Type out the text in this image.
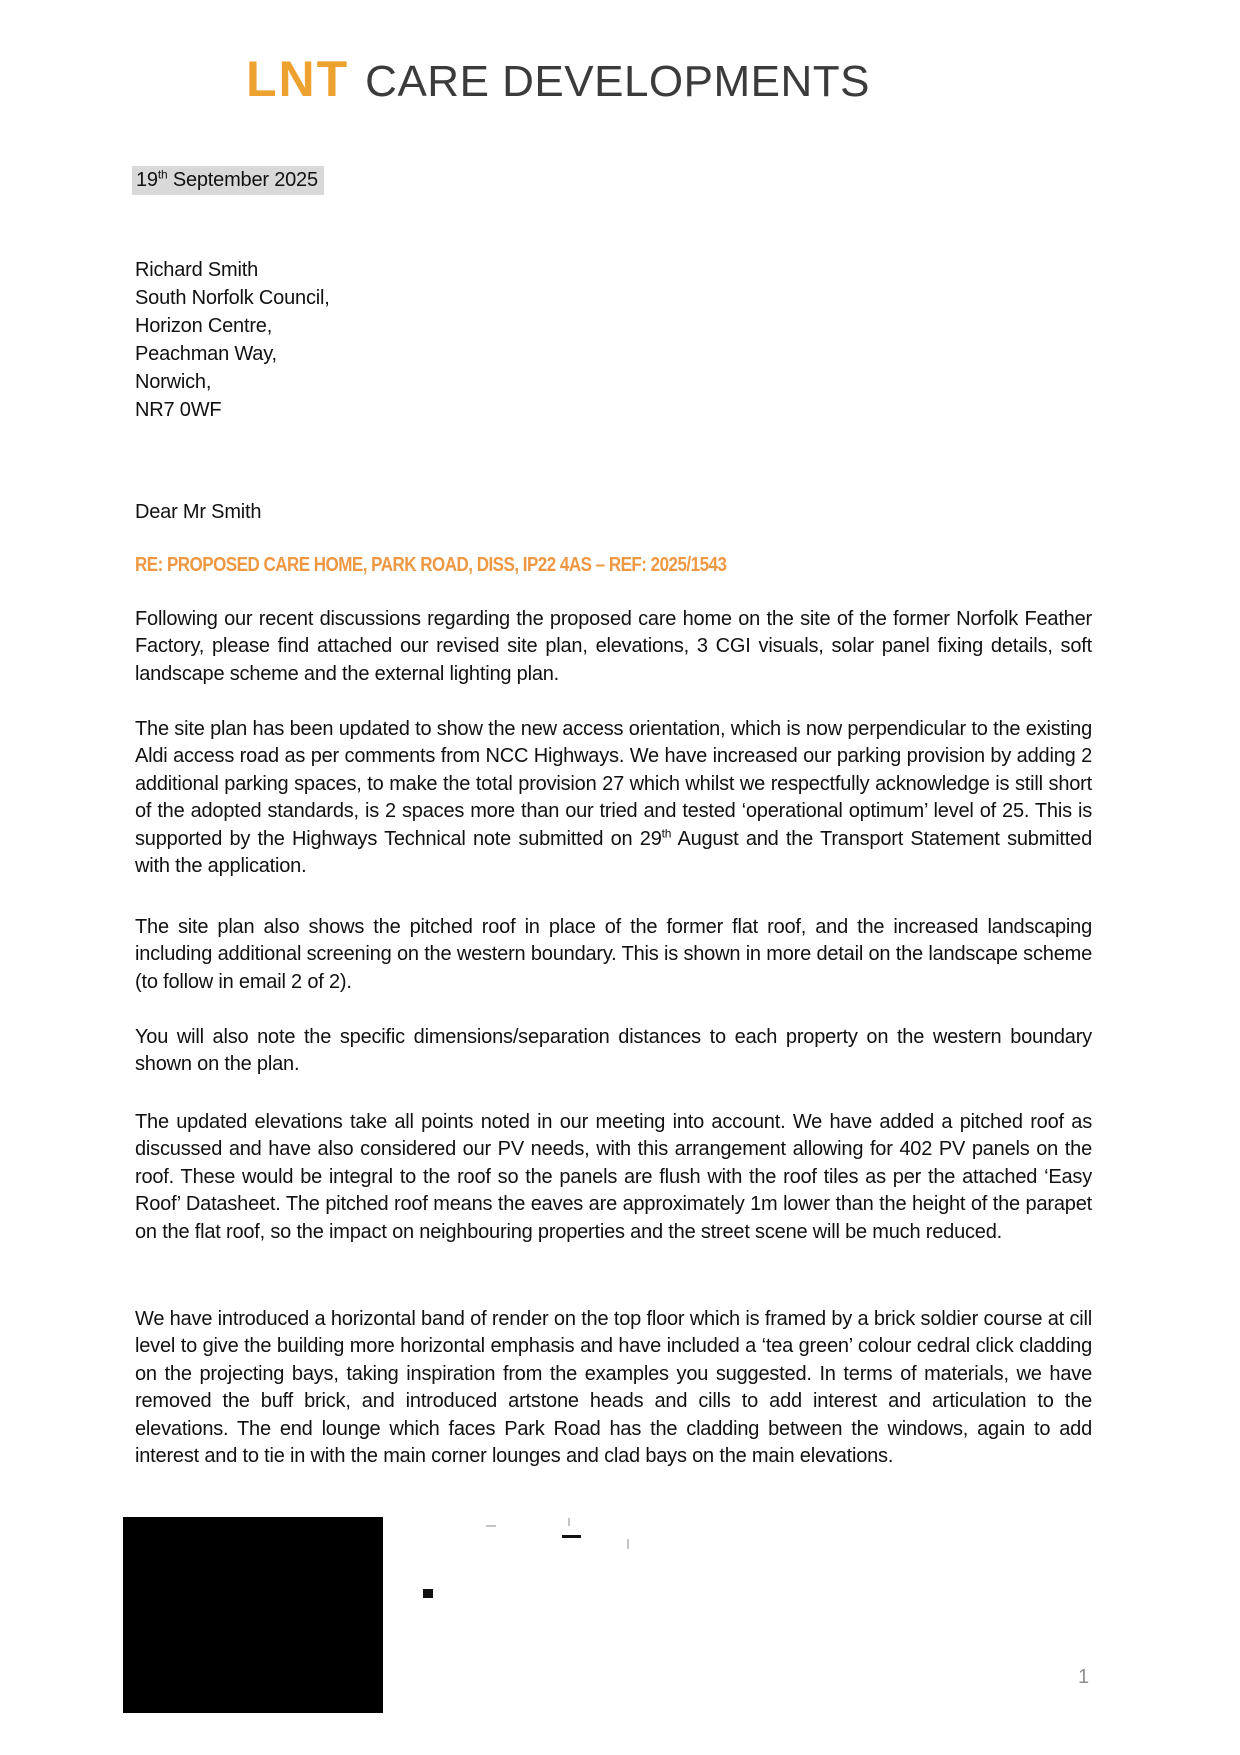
LNT CARE DEVELOPMENTS
19th September 2025
Richard Smith
South Norfolk Council,
Horizon Centre,
Peachman Way,
Norwich,
NR7 0WF
Dear Mr Smith
RE: PROPOSED CARE HOME, PARK ROAD, DISS, IP22 4AS – REF: 2025/1543

Following our recent discussions regarding the proposed care home on the site of the former Norfolk Feather Factory, please find attached our revised site plan, elevations, 3 CGI visuals, solar panel fixing details, soft landscape scheme and the external lighting plan.

The site plan has been updated to show the new access orientation, which is now perpendicular to the existing Aldi access road as per comments from NCC Highways. We have increased our parking provision by adding 2 additional parking spaces, to make the total provision 27 which whilst we respectfully acknowledge is still short of the adopted standards, is 2 spaces more than our tried and tested ‘operational optimum’ level of 25. This is supported by the Highways Technical note submitted on 29th August and the Transport Statement submitted with the application.

The site plan also shows the pitched roof in place of the former flat roof, and the increased landscaping including additional screening on the western boundary. This is shown in more detail on the landscape scheme (to follow in email 2 of 2).

You will also note the specific dimensions/separation distances to each property on the western boundary shown on the plan.

The updated elevations take all points noted in our meeting into account. We have added a pitched roof as discussed and have also considered our PV needs, with this arrangement allowing for 402 PV panels on the roof. These would be integral to the roof so the panels are flush with the roof tiles as per the attached ‘Easy Roof’ Datasheet. The pitched roof means the eaves are approximately 1m lower than the height of the parapet on the flat roof, so the impact on neighbouring properties and the street scene will be much reduced.

We have introduced a horizontal band of render on the top floor which is framed by a brick soldier course at cill level to give the building more horizontal emphasis and have included a ‘tea green’ colour cedral click cladding on the projecting bays, taking inspiration from the examples you suggested. In terms of materials, we have removed the buff brick, and introduced artstone heads and cills to add interest and articulation to the elevations. The end lounge which faces Park Road has the cladding between the windows, again to add interest and to tie in with the main corner lounges and clad bays on the main elevations.

1
